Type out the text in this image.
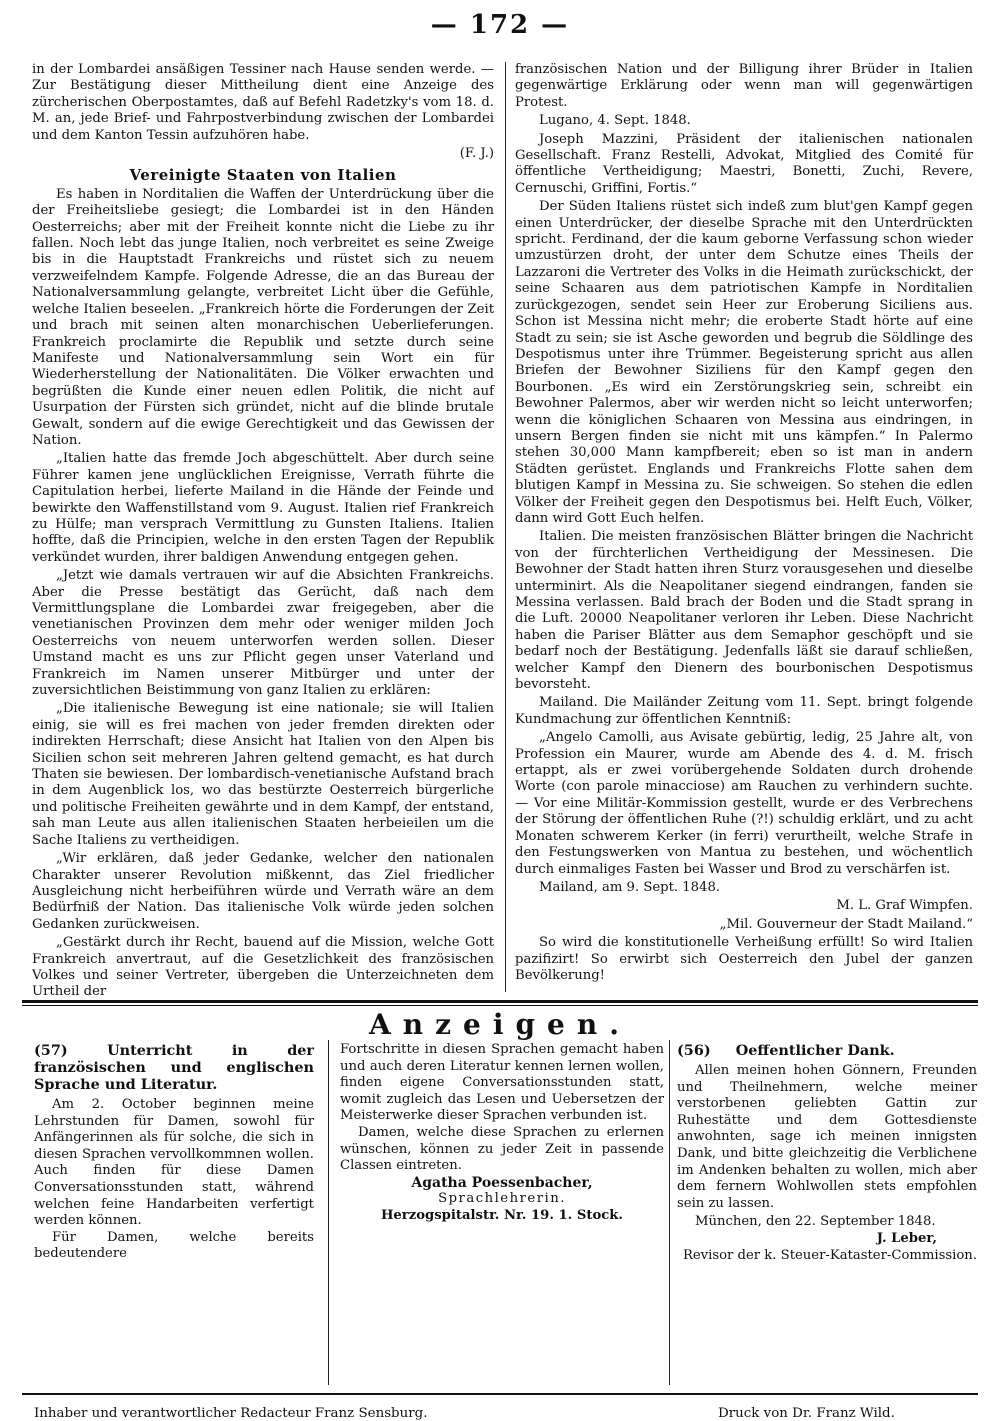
— 172 —

in der Lombardei ansäßigen Tessiner nach Hause senden werde. — Zur Bestätigung dieser Mittheilung dient eine Anzeige des zürcherischen Oberpostamtes, daß auf Befehl Radetzky's vom 18. d. M. an, jede Brief- und Fahrpostverbindung zwischen der Lombardei und dem Kanton Tessin aufzuhören habe.

(F. J.)

Vereinigte Staaten von Italien

Es haben in Norditalien die Waffen der Unterdrückung über die der Freiheitsliebe gesiegt; die Lombardei ist in den Händen Oesterreichs; aber mit der Freiheit konnte nicht die Liebe zu ihr fallen. Noch lebt das junge Italien, noch verbreitet es seine Zweige bis in die Hauptstadt Frankreichs und rüstet sich zu neuem verzweifelndem Kampfe. Folgende Adresse, die an das Bureau der Nationalversammlung gelangte, verbreitet Licht über die Gefühle, welche Italien beseelen. „Frankreich hörte die Forderungen der Zeit und brach mit seinen alten monarchischen Ueberlieferungen. Frankreich proclamirte die Republik und setzte durch seine Manifeste und Nationalversammlung sein Wort ein für Wiederherstellung der Nationalitäten. Die Völker erwachten und begrüßten die Kunde einer neuen edlen Politik, die nicht auf Usurpation der Fürsten sich gründet, nicht auf die blinde brutale Gewalt, sondern auf die ewige Gerechtigkeit und das Gewissen der Nation.

„Italien hatte das fremde Joch abgeschüttelt. Aber durch seine Führer kamen jene unglücklichen Ereignisse, Verrath führte die Capitulation herbei, lieferte Mailand in die Hände der Feinde und bewirkte den Waffenstillstand vom 9. August. Italien rief Frankreich zu Hülfe; man versprach Vermittlung zu Gunsten Italiens. Italien hoffte, daß die Principien, welche in den ersten Tagen der Republik verkündet wurden, ihrer baldigen Anwendung entgegen gehen.

„Jetzt wie damals vertrauen wir auf die Absichten Frankreichs. Aber die Presse bestätigt das Gerücht, daß nach dem Vermittlungsplane die Lombardei zwar freigegeben, aber die venetianischen Provinzen dem mehr oder weniger milden Joch Oesterreichs von neuem unterworfen werden sollen. Dieser Umstand macht es uns zur Pflicht gegen unser Vaterland und Frankreich im Namen unserer Mitbürger und unter der zuversichtlichen Beistimmung von ganz Italien zu erklären:

„Die italienische Bewegung ist eine nationale; sie will Italien einig, sie will es frei machen von jeder fremden direkten oder indirekten Herrschaft; diese Ansicht hat Italien von den Alpen bis Sicilien schon seit mehreren Jahren geltend gemacht, es hat durch Thaten sie bewiesen. Der lombardisch-venetianische Aufstand brach in dem Augenblick los, wo das bestürzte Oesterreich bürgerliche und politische Freiheiten gewährte und in dem Kampf, der entstand, sah man Leute aus allen italienischen Staaten herbeieilen um die Sache Italiens zu vertheidigen.

„Wir erklären, daß jeder Gedanke, welcher den nationalen Charakter unserer Revolution mißkennt, das Ziel friedlicher Ausgleichung nicht herbeiführen würde und Verrath wäre an dem Bedürfniß der Nation. Das italienische Volk würde jeden solchen Gedanken zurückweisen.

„Gestärkt durch ihr Recht, bauend auf die Mission, welche Gott Frankreich anvertraut, auf die Gesetzlichkeit des französischen Volkes und seiner Vertreter, übergeben die Unterzeichneten dem Urtheil der

französischen Nation und der Billigung ihrer Brüder in Italien gegenwärtige Erklärung oder wenn man will gegenwärtigen Protest.

Lugano, 4. Sept. 1848.

Joseph Mazzini, Präsident der italienischen nationalen Gesellschaft. Franz Restelli, Advokat, Mitglied des Comité für öffentliche Vertheidigung; Maestri, Bonetti, Zuchi, Revere, Cernuschi, Griffini, Fortis.“

Der Süden Italiens rüstet sich indeß zum blut'gen Kampf gegen einen Unterdrücker, der dieselbe Sprache mit den Unterdrückten spricht. Ferdinand, der die kaum geborne Verfassung schon wieder umzustürzen droht, der unter dem Schutze eines Theils der Lazzaroni die Vertreter des Volks in die Heimath zurückschickt, der seine Schaaren aus dem patriotischen Kampfe in Norditalien zurückgezogen, sendet sein Heer zur Eroberung Siciliens aus. Schon ist Messina nicht mehr; die eroberte Stadt hörte auf eine Stadt zu sein; sie ist Asche geworden und begrub die Söldlinge des Despotismus unter ihre Trümmer. Begeisterung spricht aus allen Briefen der Bewohner Siziliens für den Kampf gegen den Bourbonen. „Es wird ein Zerstörungskrieg sein, schreibt ein Bewohner Palermos, aber wir werden nicht so leicht unterworfen; wenn die königlichen Schaaren von Messina aus eindringen, in unsern Bergen finden sie nicht mit uns kämpfen.“ In Palermo stehen 30,000 Mann kampfbereit; eben so ist man in andern Städten gerüstet. Englands und Frankreichs Flotte sahen dem blutigen Kampf in Messina zu. Sie schweigen. So stehen die edlen Völker der Freiheit gegen den Despotismus bei. Helft Euch, Völker, dann wird Gott Euch helfen.

Italien. Die meisten französischen Blätter bringen die Nachricht von der fürchterlichen Vertheidigung der Messinesen. Die Bewohner der Stadt hatten ihren Sturz vorausgesehen und dieselbe unterminirt. Als die Neapolitaner siegend eindrangen, fanden sie Messina verlassen. Bald brach der Boden und die Stadt sprang in die Luft. 20000 Neapolitaner verloren ihr Leben. Diese Nachricht haben die Pariser Blätter aus dem Semaphor geschöpft und sie bedarf noch der Bestätigung. Jedenfalls läßt sie darauf schließen, welcher Kampf den Dienern des bourbonischen Despotismus bevorsteht.

Mailand. Die Mailänder Zeitung vom 11. Sept. bringt folgende Kundmachung zur öffentlichen Kenntniß:

„Angelo Camolli, aus Avisate gebürtig, ledig, 25 Jahre alt, von Profession ein Maurer, wurde am Abende des 4. d. M. frisch ertappt, als er zwei vorübergehende Soldaten durch drohende Worte (con parole minacciose) am Rauchen zu verhindern suchte. — Vor eine Militär-Kommission gestellt, wurde er des Verbrechens der Störung der öffentlichen Ruhe (?!) schuldig erklärt, und zu acht Monaten schwerem Kerker (in ferri) verurtheilt, welche Strafe in den Festungswerken von Mantua zu bestehen, und wöchentlich durch einmaliges Fasten bei Wasser und Brod zu verschärfen ist.

Mailand, am 9. Sept. 1848.

M. L. Graf Wimpfen.

„Mil. Gouverneur der Stadt Mailand.“

So wird die konstitutionelle Verheißung erfüllt! So wird Italien pazifizirt! So erwirbt sich Oesterreich den Jubel der ganzen Bevölkerung!

Anzeigen.
(57)	Unterricht in der französischen und englischen Sprache und Literatur.

Am 2. October beginnen meine Lehrstunden für Damen, sowohl für Anfängerinnen als für solche, die sich in diesen Sprachen vervollkommnen wollen. Auch finden für diese Damen Conversationsstunden statt, während welchen feine Handarbeiten verfertigt werden können.

Für Damen, welche bereits bedeutendere

Fortschritte in diesen Sprachen gemacht haben und auch deren Literatur kennen lernen wollen, finden eigene Conversationsstunden statt, womit zugleich das Lesen und Uebersetzen der Meisterwerke dieser Sprachen verbunden ist.

Damen, welche diese Sprachen zu erlernen wünschen, können zu jeder Zeit in passende Classen eintreten.

Agatha Poessenbacher,
Sprachlehrerin.
Herzogspitalstr. Nr. 19. 1. Stock.
(56) Oeffentlicher Dank.

Allen meinen hohen Gönnern, Freunden und Theilnehmern, welche meiner verstorbenen geliebten Gattin zur Ruhestätte und dem Gottesdienste anwohnten, sage ich meinen innigsten Dank, und bitte gleichzeitig die Verblichene im Andenken behalten zu wollen, mich aber dem fernern Wohlwollen stets empfohlen sein zu lassen.

München, den 22. September 1848.

J. Leber,
Revisor der k. Steuer-Kataster-Commission.
Inhaber und verantwortlicher Redacteur Franz Sensburg.	Druck von Dr. Franz Wild.
